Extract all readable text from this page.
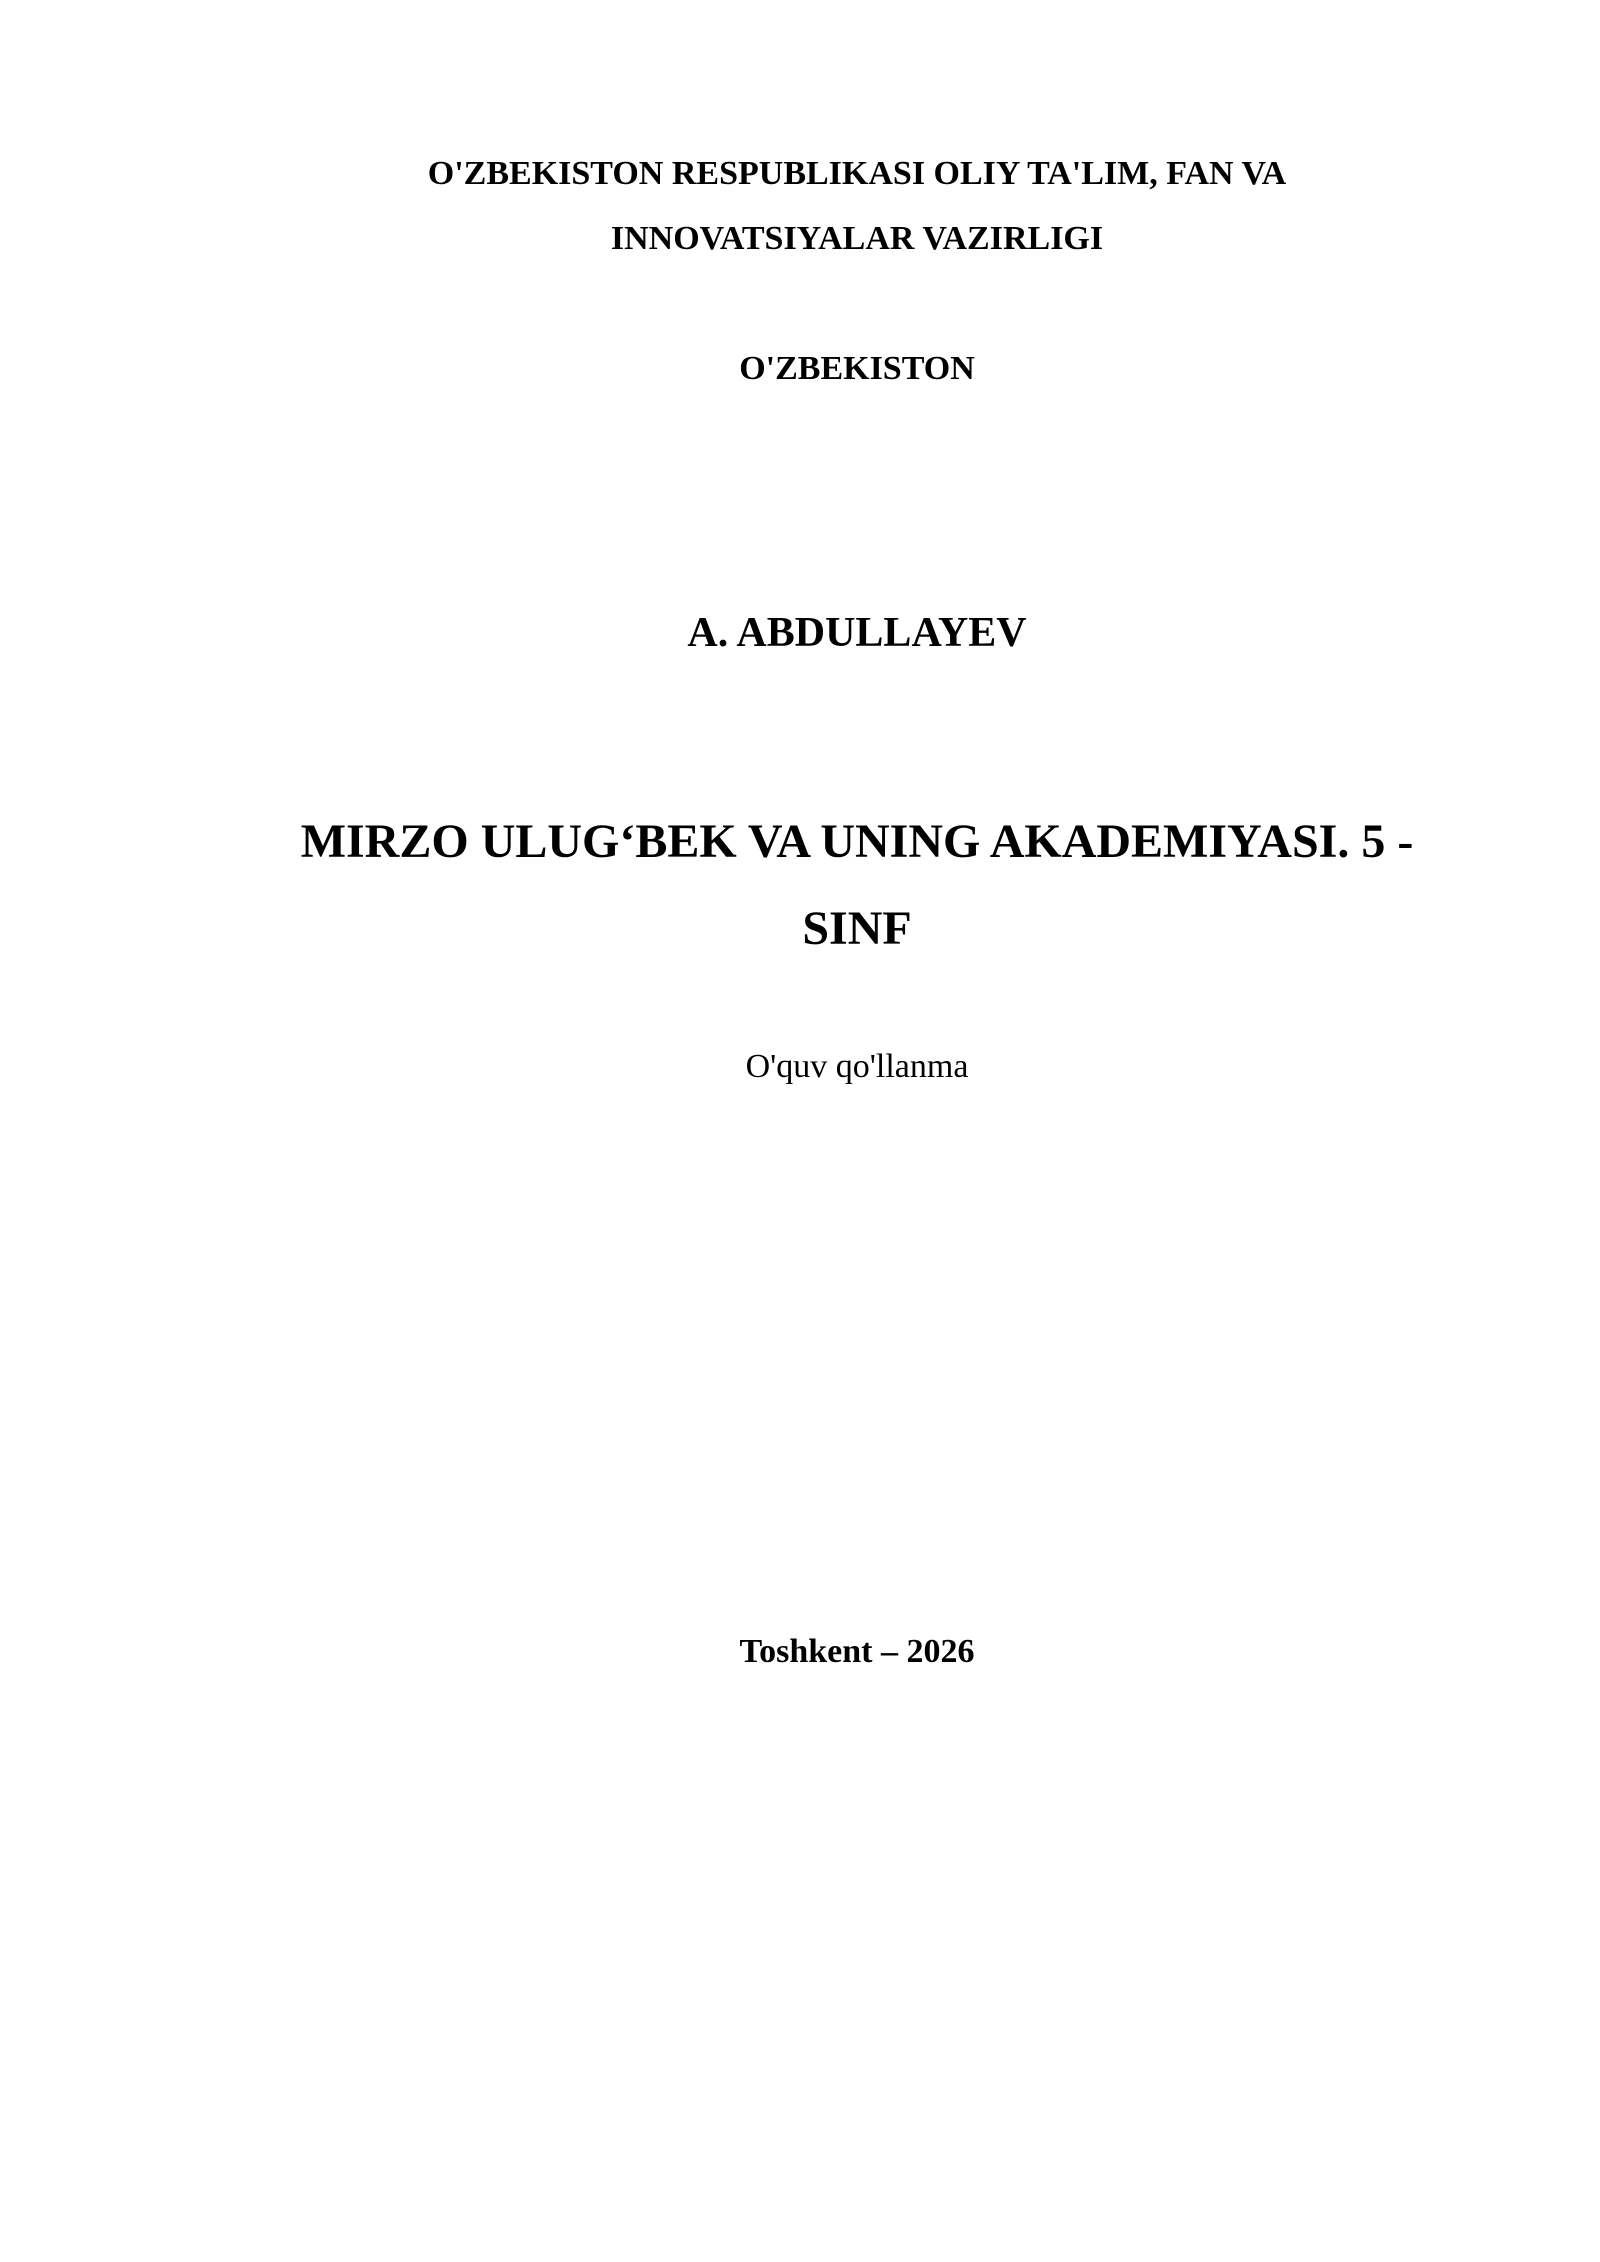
O'ZBEKISTON RESPUBLIKASI OLIY TA'LIM, FAN VA
INNOVATSIYALAR VAZIRLIGI
O'ZBEKISTON
A. ABDULLAYEV
MIRZO ULUG‘BEK VA UNING AKADEMIYASI. 5 -
SINF
O'quv qo'llanma
Toshkent – 2026
